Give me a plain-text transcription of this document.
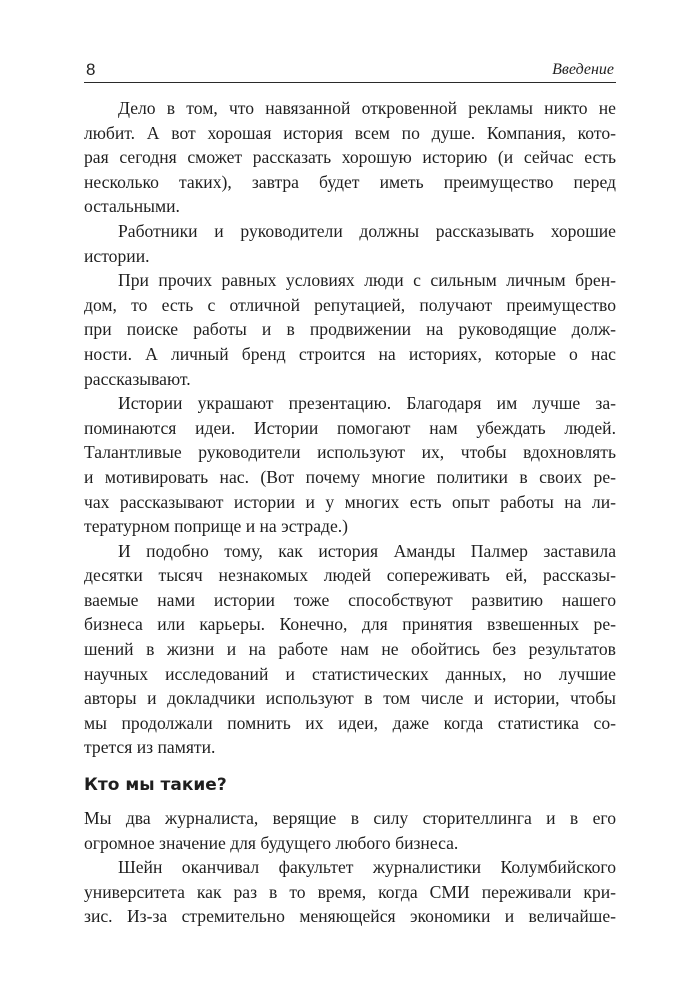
8	Введение
Дело в том, что навязанной откровенной рекламы никто не
любит. А вот хорошая история всем по душе. Компания, кото-
рая сегодня сможет рассказать хорошую историю (и сейчас есть
несколько таких), завтра будет иметь преимущество перед
остальными.
Работники и руководители должны рассказывать хорошие
истории.
При прочих равных условиях люди с сильным личным брен-
дом, то есть с отличной репутацией, получают преимущество
при поиске работы и в продвижении на руководящие долж-
ности. А личный бренд строится на историях, которые о нас
рассказывают.
Истории украшают презентацию. Благодаря им лучше за-
поминаются идеи. Истории помогают нам убеждать людей.
Талантливые руководители используют их, чтобы вдохновлять
и мотивировать нас. (Вот почему многие политики в своих ре-
чах рассказывают истории и у многих есть опыт работы на ли-
тературном поприще и на эстраде.)
И подобно тому, как история Аманды Палмер заставила
десятки тысяч незнакомых людей сопереживать ей, рассказы-
ваемые нами истории тоже способствуют развитию нашего
бизнеса или карьеры. Конечно, для принятия взвешенных ре-
шений в жизни и на работе нам не обойтись без результатов
научных исследований и статистических данных, но лучшие
авторы и докладчики используют в том числе и истории, чтобы
мы продолжали помнить их идеи, даже когда статистика со-
трется из памяти.
Кто мы такие?
Мы два журналиста, верящие в силу сторителлинга и в его
огромное значение для будущего любого бизнеса.
Шейн оканчивал факультет журналистики Колумбийского
университета как раз в то время, когда СМИ переживали кри-
зис. Из-за стремительно меняющейся экономики и величайше-
